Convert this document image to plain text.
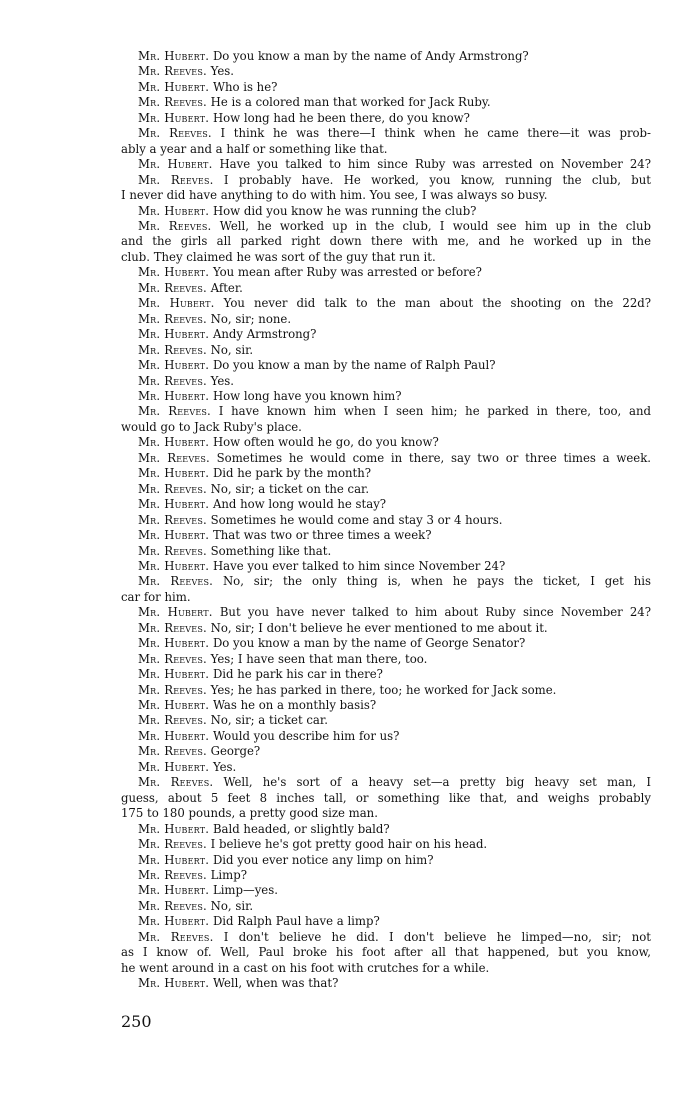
Mr. Hubert. Do you know a man by the name of Andy Armstrong?
Mr. Reeves. Yes.
Mr. Hubert. Who is he?
Mr. Reeves. He is a colored man that worked for Jack Ruby.
Mr. Hubert. How long had he been there, do you know?
Mr. Reeves. I think he was there—I think when he came there—it was prob-
ably a year and a half or something like that.
Mr. Hubert. Have you talked to him since Ruby was arrested on November 24?
Mr. Reeves. I probably have. He worked, you know, running the club, but
I never did have anything to do with him. You see, I was always so busy.
Mr. Hubert. How did you know he was running the club?
Mr. Reeves. Well, he worked up in the club, I would see him up in the club
and the girls all parked right down there with me, and he worked up in the
club. They claimed he was sort of the guy that run it.
Mr. Hubert. You mean after Ruby was arrested or before?
Mr. Reeves. After.
Mr. Hubert. You never did talk to the man about the shooting on the 22d?
Mr. Reeves. No, sir; none.
Mr. Hubert. Andy Armstrong?
Mr. Reeves. No, sir.
Mr. Hubert. Do you know a man by the name of Ralph Paul?
Mr. Reeves. Yes.
Mr. Hubert. How long have you known him?
Mr. Reeves. I have known him when I seen him; he parked in there, too, and
would go to Jack Ruby's place.
Mr. Hubert. How often would he go, do you know?
Mr. Reeves. Sometimes he would come in there, say two or three times a week.
Mr. Hubert. Did he park by the month?
Mr. Reeves. No, sir; a ticket on the car.
Mr. Hubert. And how long would he stay?
Mr. Reeves. Sometimes he would come and stay 3 or 4 hours.
Mr. Hubert. That was two or three times a week?
Mr. Reeves. Something like that.
Mr. Hubert. Have you ever talked to him since November 24?
Mr. Reeves. No, sir; the only thing is, when he pays the ticket, I get his
car for him.
Mr. Hubert. But you have never talked to him about Ruby since November 24?
Mr. Reeves. No, sir; I don't believe he ever mentioned to me about it.
Mr. Hubert. Do you know a man by the name of George Senator?
Mr. Reeves. Yes; I have seen that man there, too.
Mr. Hubert. Did he park his car in there?
Mr. Reeves. Yes; he has parked in there, too; he worked for Jack some.
Mr. Hubert. Was he on a monthly basis?
Mr. Reeves. No, sir; a ticket car.
Mr. Hubert. Would you describe him for us?
Mr. Reeves. George?
Mr. Hubert. Yes.
Mr. Reeves. Well, he's sort of a heavy set—a pretty big heavy set man, I
guess, about 5 feet 8 inches tall, or something like that, and weighs probably
175 to 180 pounds, a pretty good size man.
Mr. Hubert. Bald headed, or slightly bald?
Mr. Reeves. I believe he's got pretty good hair on his head.
Mr. Hubert. Did you ever notice any limp on him?
Mr. Reeves. Limp?
Mr. Hubert. Limp—yes.
Mr. Reeves. No, sir.
Mr. Hubert. Did Ralph Paul have a limp?
Mr. Reeves. I don't believe he did. I don't believe he limped—no, sir; not
as I know of. Well, Paul broke his foot after all that happened, but you know,
he went around in a cast on his foot with crutches for a while.
Mr. Hubert. Well, when was that?
250
